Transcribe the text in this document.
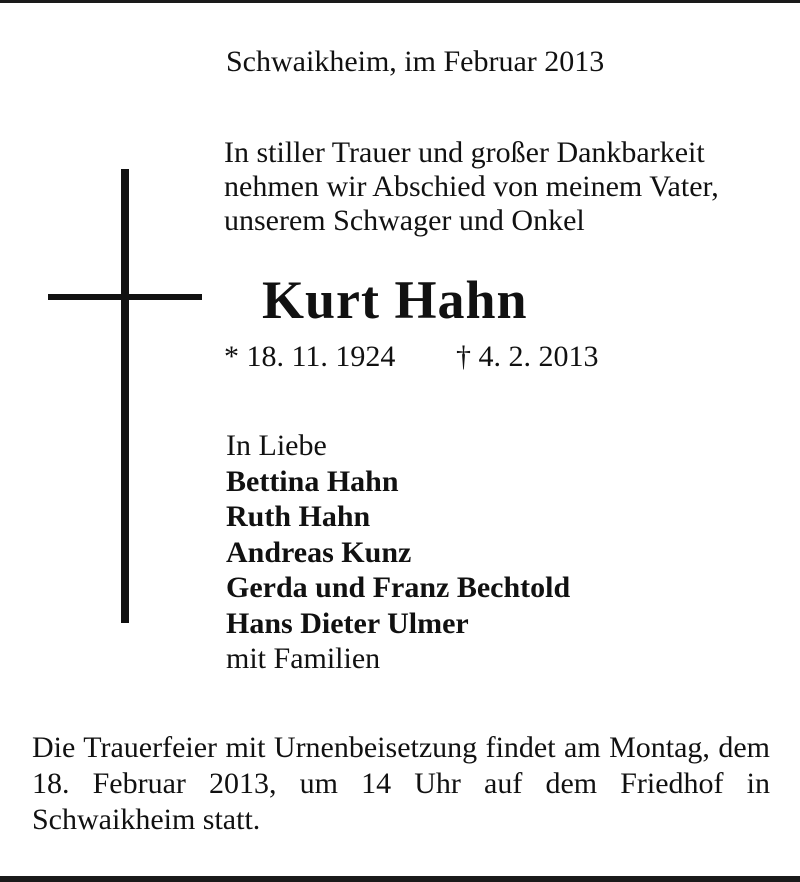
Schwaikheim, im Februar 2013
In stiller Trauer und großer Dankbarkeit
nehmen wir Abschied von meinem Vater,
unserem Schwager und Onkel
Kurt Hahn
* 18. 11. 1924 † 4. 2. 2013
In Liebe
Bettina Hahn
Ruth Hahn
Andreas Kunz
Gerda und Franz Bechtold
Hans Dieter Ulmer
mit Familien
Die Trauerfeier mit Urnenbeisetzung findet am Montag, dem 18. Februar 2013, um 14 Uhr auf dem Friedhof in Schwaikheim statt.
